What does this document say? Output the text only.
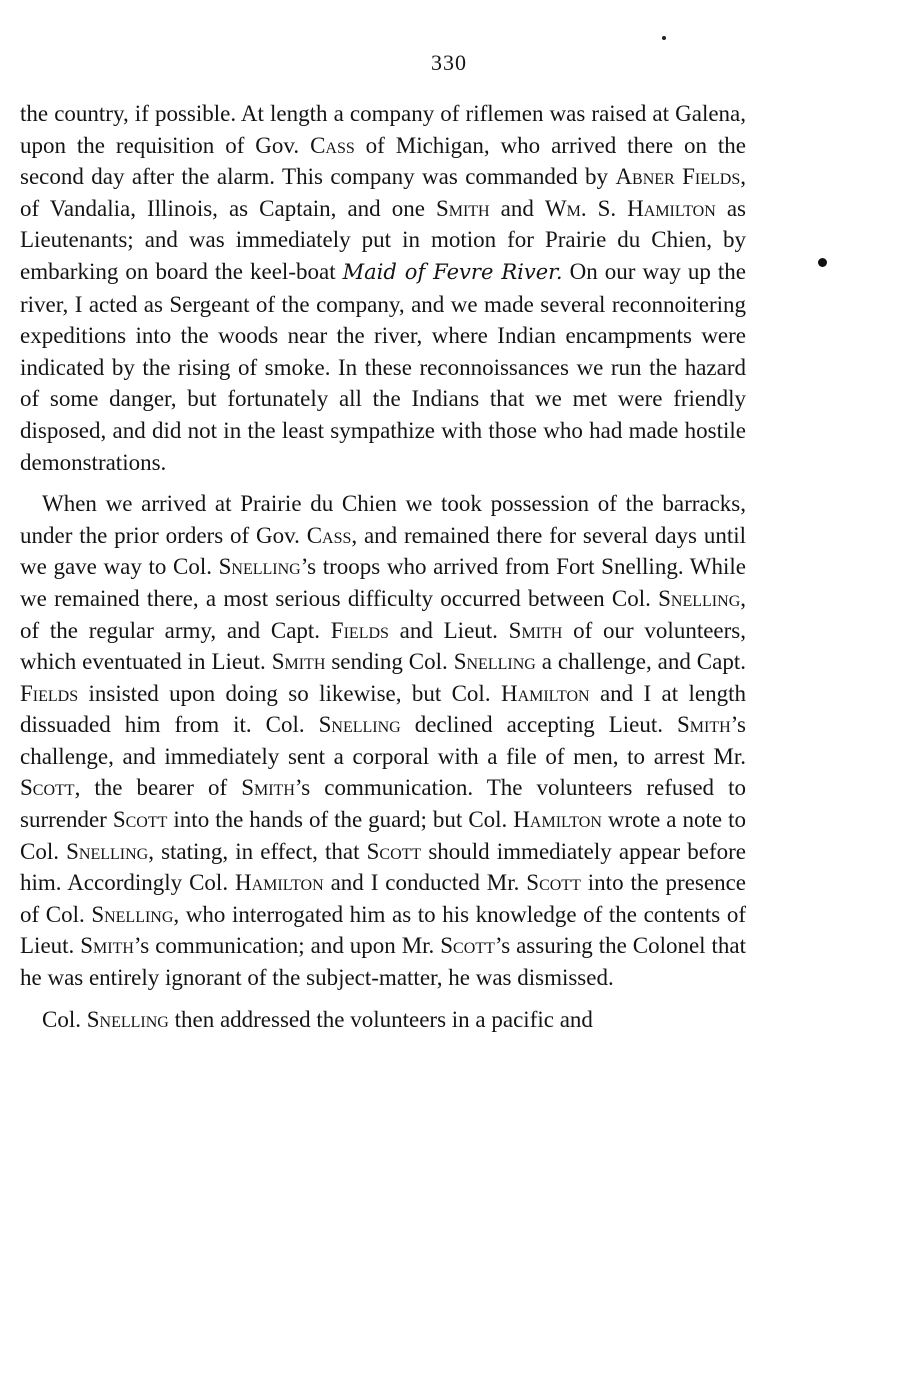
330

the country, if possible. At length a company of riflemen was raised at Galena, upon the requisition of Gov. Cass of Michigan, who arrived there on the second day after the alarm. This company was commanded by Abner Fields, of Vandalia, Illinois, as Captain, and one Smith and Wm. S. Hamilton as Lieutenants; and was immediately put in motion for Prairie du Chien, by embarking on board the keel-boat Maid of Fevre River. On our way up the river, I acted as Sergeant of the company, and we made several reconnoitering expeditions into the woods near the river, where Indian encampments were indicated by the rising of smoke. In these reconnoissances we run the hazard of some danger, but fortunately all the Indians that we met were friendly disposed, and did not in the least sympathize with those who had made hostile demonstrations.

When we arrived at Prairie du Chien we took possession of the barracks, under the prior orders of Gov. Cass, and remained there for several days until we gave way to Col. Snelling’s troops who arrived from Fort Snelling. While we remained there, a most serious difficulty occurred between Col. Snelling, of the regular army, and Capt. Fields and Lieut. Smith of our volunteers, which eventuated in Lieut. Smith sending Col. Snelling a challenge, and Capt. Fields insisted upon doing so likewise, but Col. Hamilton and I at length dissuaded him from it. Col. Snelling declined accepting Lieut. Smith’s challenge, and immediately sent a corporal with a file of men, to arrest Mr. Scott, the bearer of Smith’s communication. The volunteers refused to surrender Scott into the hands of the guard; but Col. Hamilton wrote a note to Col. Snelling, stating, in effect, that Scott should immediately appear before him. Accordingly Col. Hamilton and I conducted Mr. Scott into the presence of Col. Snelling, who interrogated him as to his knowledge of the contents of Lieut. Smith’s communication; and upon Mr. Scott’s assuring the Colonel that he was entirely ignorant of the subject-matter, he was dismissed.

Col. Snelling then addressed the volunteers in a pacific and
